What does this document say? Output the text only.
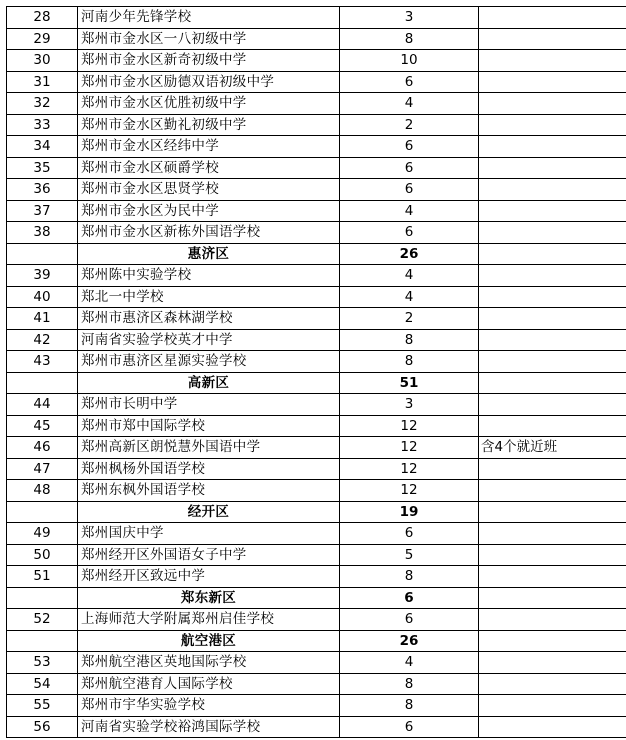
28	河南少年先锋学校	3	
29	郑州市金水区一八初级中学	8	
30	郑州市金水区新奇初级中学	10	
31	郑州市金水区励德双语初级中学	6	
32	郑州市金水区优胜初级中学	4	
33	郑州市金水区勤礼初级中学	2	
34	郑州市金水区经纬中学	6	
35	郑州市金水区硕爵学校	6	
36	郑州市金水区思贤学校	6	
37	郑州市金水区为民中学	4	
38	郑州市金水区新栋外国语学校	6	
	惠济区	26	
39	郑州陈中实验学校	4	
40	郑北一中学校	4	
41	郑州市惠济区森林湖学校	2	
42	河南省实验学校英才中学	8	
43	郑州市惠济区星源实验学校	8	
	高新区	51	
44	郑州市长明中学	3	
45	郑州市郑中国际学校	12	
46	郑州高新区朗悦慧外国语中学	12	含4个就近班
47	郑州枫杨外国语学校	12	
48	郑州东枫外国语学校	12	
	经开区	19	
49	郑州国庆中学	6	
50	郑州经开区外国语女子中学	5	
51	郑州经开区致远中学	8	
	郑东新区	6	
52	上海师范大学附属郑州启佳学校	6	
	航空港区	26	
53	郑州航空港区英地国际学校	4	
54	郑州航空港育人国际学校	8	
55	郑州市宇华实验学校	8	
56	河南省实验学校裕鸿国际学校	6	
